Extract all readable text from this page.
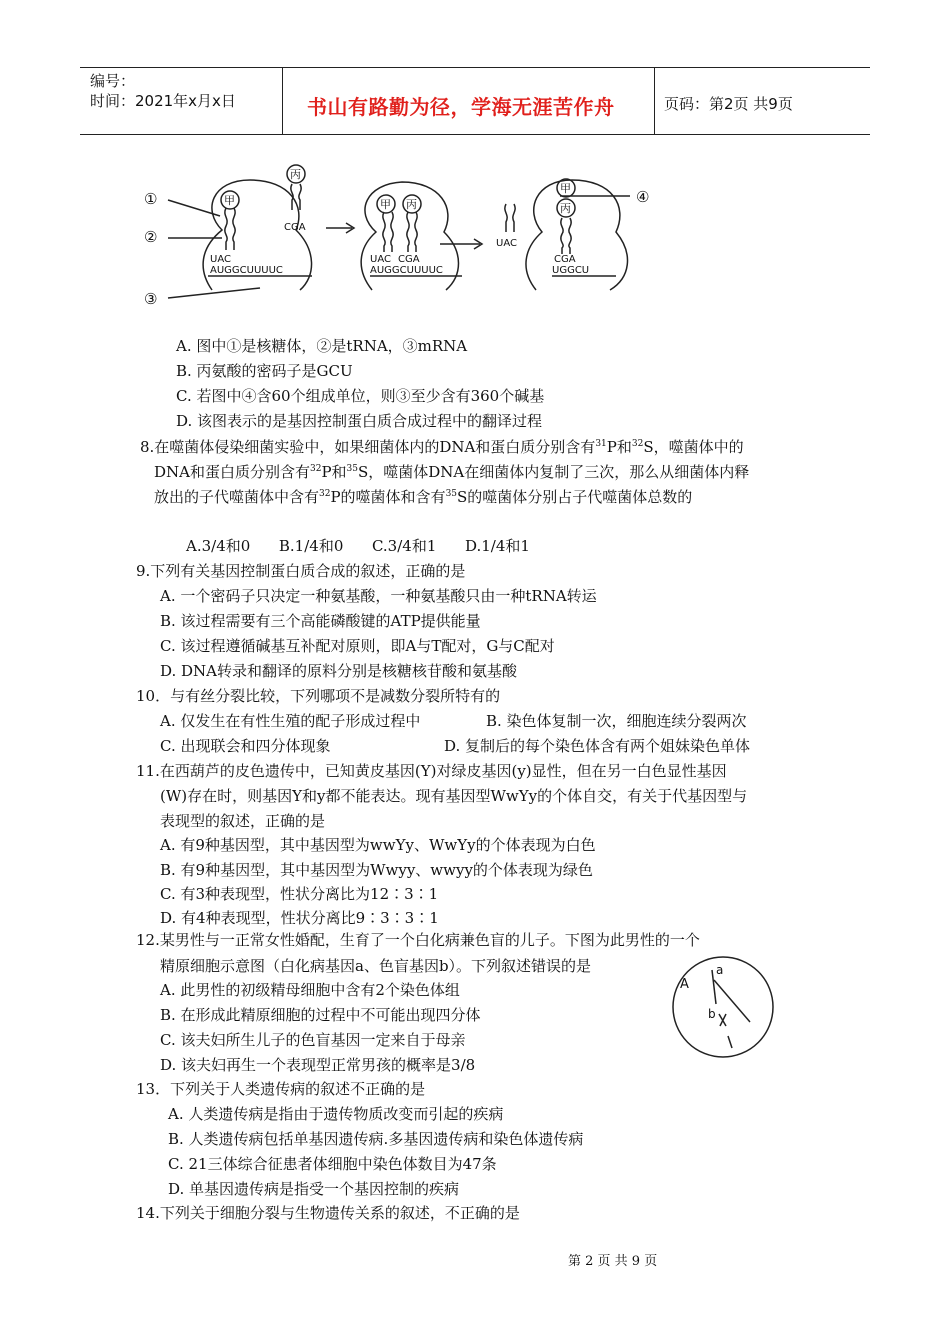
编号：
时间：2021年x月x日	书山有路勤为径，学海无涯苦作舟	页码：第2页 共9页
①
②
③
④
甲
丙
甲 丙
甲
丙
CGA
UAC
AUGGCUUUUC
UAC CGA
AUGGCUUUUC
UAC
CGA
UGGCU
A. 图中①是核糖体，②是tRNA，③mRNA
B. 丙氨酸的密码子是GCU
C. 若图中④含60个组成单位，则③至少含有360个碱基
D. 该图表示的是基因控制蛋白质合成过程中的翻译过程
8.在噬菌体侵染细菌实验中，如果细菌体内的DNA和蛋白质分别含有$^{31}$P和$^{32}$S，噬菌体中的
DNA和蛋白质分别含有$^{32}$P和$^{35}$S，噬菌体DNA在细菌体内复制了三次，那么从细菌体内释
放出的子代噬菌体中含有$^{32}$P的噬菌体和含有$^{35}$S的噬菌体分别占子代噬菌体总数的
A.3/4和0      B.1/4和0      C.3/4和1      D.1/4和1
9.下列有关基因控制蛋白质合成的叙述，正确的是
A. 一个密码子只决定一种氨基酸，一种氨基酸只由一种tRNA转运
B. 该过程需要有三个高能磷酸键的ATP提供能量
C. 该过程遵循碱基互补配对原则，即A与T配对，G与C配对
D. DNA转录和翻译的原料分别是核糖核苷酸和氨基酸
10．与有丝分裂比较，下列哪项不是减数分裂所特有的
A. 仅发生在有性生殖的配子形成过程中	B. 染色体复制一次，细胞连续分裂两次
C. 出现联会和四分体现象	D. 复制后的每个染色体含有两个姐妹染色单体
11.在西葫芦的皮色遗传中，已知黄皮基因(Y)对绿皮基因(y)显性，但在另一白色显性基因
(W)存在时，则基因Y和y都不能表达。现有基因型WwYy的个体自交，有关于代基因型与
表现型的叙述，正确的是
A. 有9种基因型，其中基因型为wwYy、WwYy的个体表现为白色
B. 有9种基因型，其中基因型为Wwyy、wwyy的个体表现为绿色
C. 有3种表现型，性状分离比为12∶3∶1
D. 有4种表现型，性状分离比9∶3∶3∶1
12.某男性与一正常女性婚配，生育了一个白化病兼色盲的儿子。下图为此男性的一个
精原细胞示意图（白化病基因a、色盲基因b）。下列叙述错误的是
A. 此男性的初级精母细胞中含有2个染色体组
B. 在形成此精原细胞的过程中不可能出现四分体
C. 该夫妇所生儿子的色盲基因一定来自于母亲
D. 该夫妇再生一个表现型正常男孩的概率是3/8
A
a
b
13．下列关于人类遗传病的叙述不正确的是
A. 人类遗传病是指由于遗传物质改变而引起的疾病
B. 人类遗传病包括单基因遗传病.多基因遗传病和染色体遗传病
C. 21三体综合征患者体细胞中染色体数目为47条
D. 单基因遗传病是指受一个基因控制的疾病
14.下列关于细胞分裂与生物遗传关系的叙述，不正确的是
第 2 页 共 9 页
